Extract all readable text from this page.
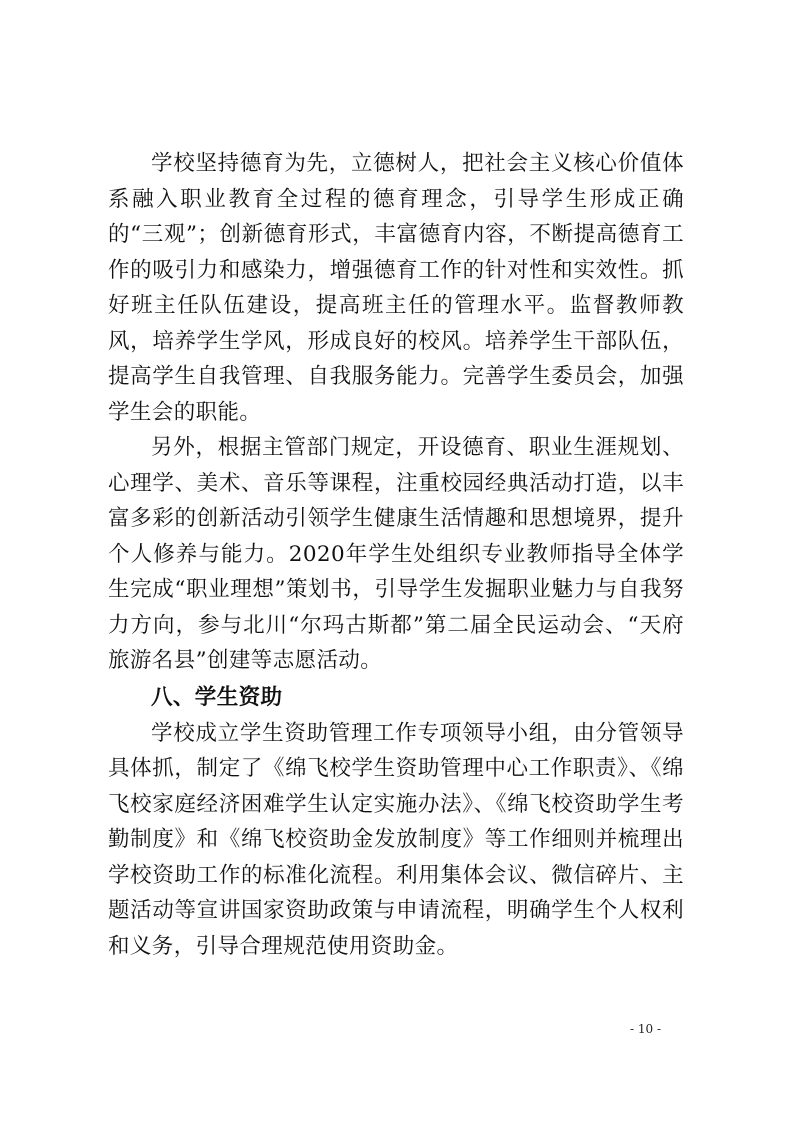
学校坚持德育为先，立德树人，把社会主义核心价值体系融入职业教育全过程的德育理念，引导学生形成正确的“三观”；创新德育形式，丰富德育内容，不断提高德育工作的吸引力和感染力，增强德育工作的针对性和实效性。抓好班主任队伍建设，提高班主任的管理水平。监督教师教风，培养学生学风，形成良好的校风。培养学生干部队伍，提高学生自我管理、自我服务能力。完善学生委员会，加强学生会的职能。

另外，根据主管部门规定，开设德育、职业生涯规划、心理学、美术、音乐等课程，注重校园经典活动打造，以丰富多彩的创新活动引领学生健康生活情趣和思想境界，提升个人修养与能力。2020年学生处组织专业教师指导全体学生完成“职业理想”策划书，引导学生发掘职业魅力与自我努力方向，参与北川“尔玛古斯都”第二届全民运动会、“天府旅游名县”创建等志愿活动。

八、学生资助

学校成立学生资助管理工作专项领导小组，由分管领导具体抓，制定了《绵飞校学生资助管理中心工作职责》、《绵飞校家庭经济困难学生认定实施办法》、《绵飞校资助学生考勤制度》和《绵飞校资助金发放制度》等工作细则并梳理出学校资助工作的标准化流程。利用集体会议、微信碎片、主题活动等宣讲国家资助政策与申请流程，明确学生个人权利和义务，引导合理规范使用资助金。

- 10 -
